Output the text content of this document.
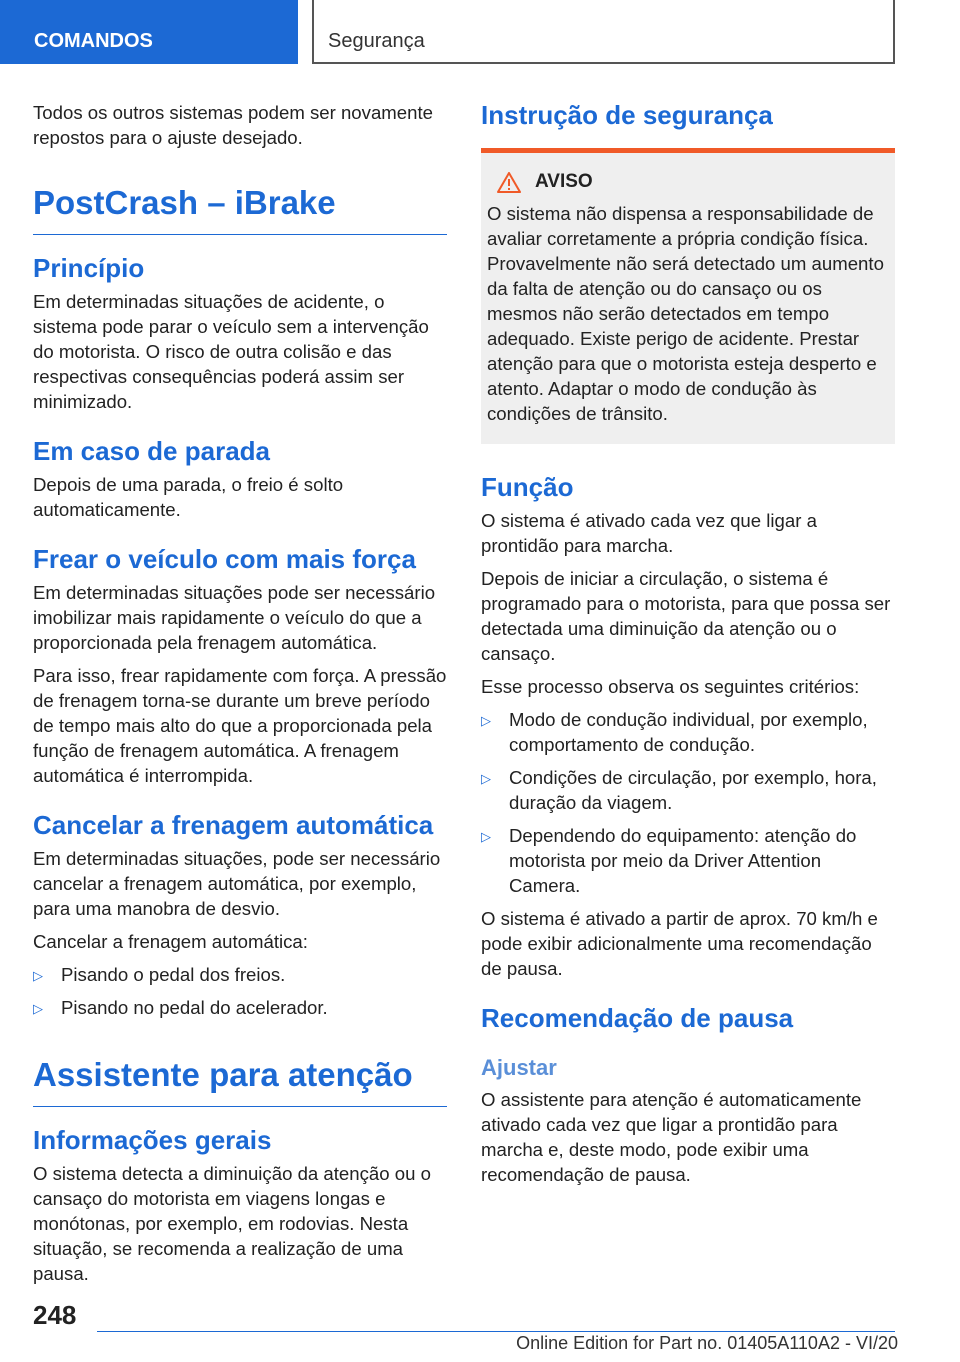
COMANDOS	Segurança

Todos os outros sistemas podem ser novamente repostos para o ajuste desejado.

PostCrash – iBrake
Princípio

Em determinadas situações de acidente, o sistema pode parar o veículo sem a intervenção do motorista. O risco de outra colisão e das respectivas consequências poderá assim ser minimizado.

Em caso de parada

Depois de uma parada, o freio é solto automaticamente.

Frear o veículo com mais força

Em determinadas situações pode ser necessário imobilizar mais rapidamente o veículo do que a proporcionada pela frenagem automática.

Para isso, frear rapidamente com força. A pressão de frenagem torna-se durante um breve período de tempo mais alto do que a proporcionada pela função de frenagem automática. A frenagem automática é interrompida.

Cancelar a frenagem automática

Em determinadas situações, pode ser necessário cancelar a frenagem automática, por exemplo, para uma manobra de desvio.

Cancelar a frenagem automática:

▷ Pisando o pedal dos freios.
▷ Pisando no pedal do acelerador.
Assistente para atenção
Informações gerais

O sistema detecta a diminuição da atenção ou o cansaço do motorista em viagens longas e monótonas, por exemplo, em rodovias. Nesta situação, se recomenda a realização de uma pausa.

Instrução de segurança
AVISO

O sistema não dispensa a responsabilidade de avaliar corretamente a própria condição física. Provavelmente não será detectado um aumento da falta de atenção ou do cansaço ou os mesmos não serão detectados em tempo adequado. Existe perigo de acidente. Prestar atenção para que o motorista esteja desperto e atento. Adaptar o modo de condução às condições de trânsito.

Função

O sistema é ativado cada vez que ligar a prontidão para marcha.

Depois de iniciar a circulação, o sistema é programado para o motorista, para que possa ser detectada uma diminuição da atenção ou o cansaço.

Esse processo observa os seguintes critérios:

▷ Modo de condução individual, por exemplo, comportamento de condução.
▷ Condições de circulação, por exemplo, hora, duração da viagem.
▷ Dependendo do equipamento: atenção do motorista por meio da Driver Attention Camera.

O sistema é ativado a partir de aprox. 70 km/h e pode exibir adicionalmente uma recomendação de pausa.

Recomendação de pausa
Ajustar

O assistente para atenção é automaticamente ativado cada vez que ligar a prontidão para marcha e, deste modo, pode exibir uma recomendação de pausa.

248
Online Edition for Part no. 01405A110A2 - VI/20
